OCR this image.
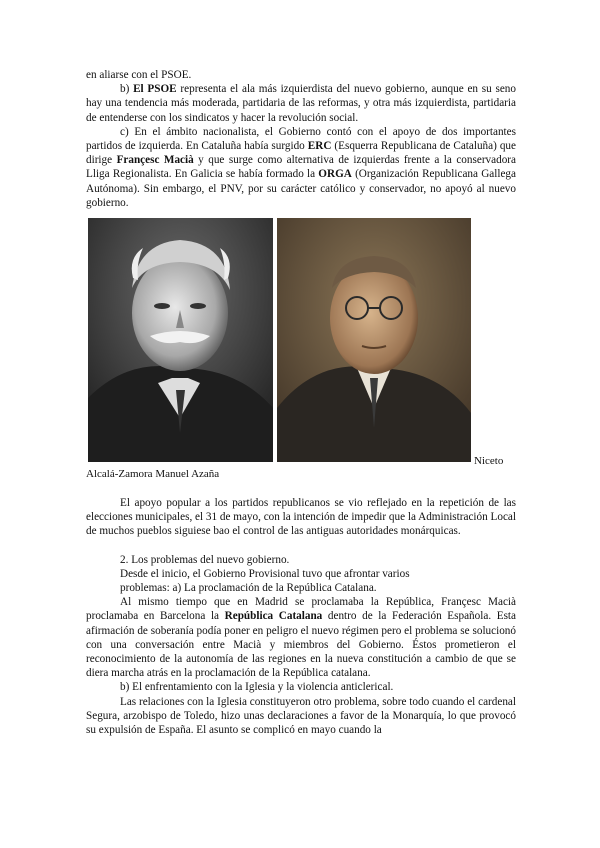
en aliarse con el PSOE.

b) El PSOE representa el ala más izquierdista del nuevo gobierno, aunque en su seno hay una tendencia más moderada, partidaria de las reformas, y otra más izquierdista, partidaria de entenderse con los sindicatos y hacer la revolución social.

c) En el ámbito nacionalista, el Gobierno contó con el apoyo de dos importantes partidos de izquierda. En Cataluña había surgido ERC (Esquerra Republicana de Cataluña) que dirige Françesc Macià y que surge como alternativa de izquierdas frente a la conservadora Lliga Regionalista. En Galicia se había formado la ORGA (Organización Republicana Gallega Autónoma). Sin embargo, el PNV, por su carácter católico y conservador, no apoyó al nuevo gobierno.

Niceto
Alcalá-Zamora Manuel Azaña

El apoyo popular a los partidos republicanos se vio reflejado en la repetición de las elecciones municipales, el 31 de mayo, con la intención de impedir que la Administración Local de muchos pueblos siguiese bao el control de las antiguas autoridades monárquicas.

2. Los problemas del nuevo gobierno.

Desde el inicio, el Gobierno Provisional tuvo que afrontar varios

problemas: a) La proclamación de la República Catalana.

Al mismo tiempo que en Madrid se proclamaba la República, Françesc Macià proclamaba en Barcelona la República Catalana dentro de la Federación Española. Esta afirmación de soberanía podía poner en peligro el nuevo régimen pero el problema se solucionó con una conversación entre Macià y miembros del Gobierno. Éstos prometieron el reconocimiento de la autonomía de las regiones en la nueva constitución a cambio de que se diera marcha atrás en la proclamación de la República catalana.

b) El enfrentamiento con la Iglesia y la violencia anticlerical.

Las relaciones con la Iglesia constituyeron otro problema, sobre todo cuando el cardenal Segura, arzobispo de Toledo, hizo unas declaraciones a favor de la Monarquía, lo que provocó su expulsión de España. El asunto se complicó en mayo cuando la
